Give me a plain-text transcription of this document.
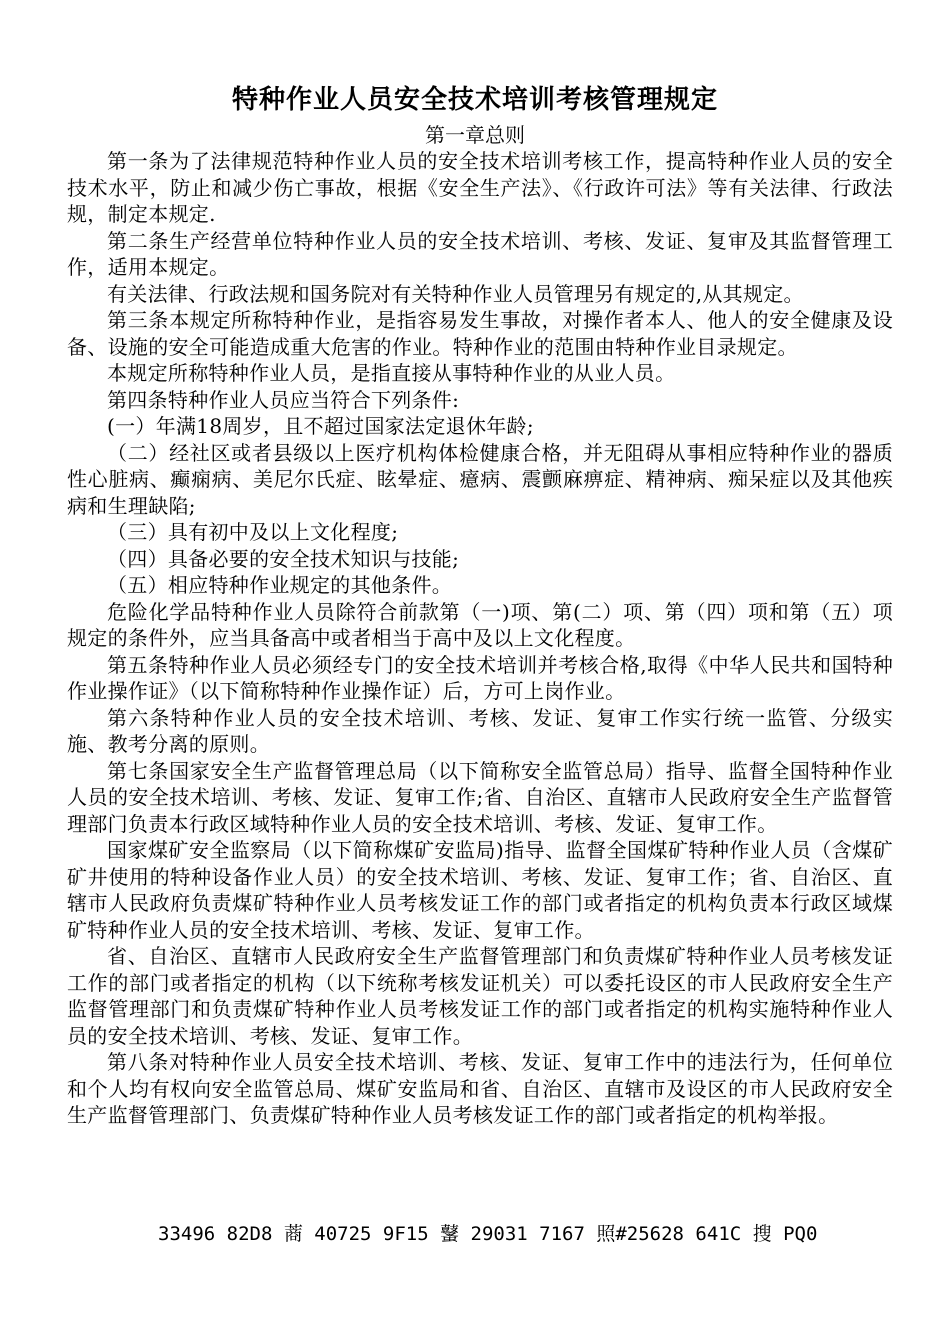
特种作业人员安全技术培训考核管理规定
第一章总则

第一条为了法律规范特种作业人员的安全技术培训考核工作，提高特种作业人员的安全技术水平，防止和减少伤亡事故，根据《安全生产法》、《行政许可法》等有关法律、行政法规，制定本规定.

第二条生产经营单位特种作业人员的安全技术培训、考核、发证、复审及其监督管理工作，适用本规定。

有关法律、行政法规和国务院对有关特种作业人员管理另有规定的,从其规定。

第三条本规定所称特种作业，是指容易发生事故，对操作者本人、他人的安全健康及设备、设施的安全可能造成重大危害的作业。特种作业的范围由特种作业目录规定。

本规定所称特种作业人员，是指直接从事特种作业的从业人员。

第四条特种作业人员应当符合下列条件:

(一）年满18周岁，且不超过国家法定退休年龄;

（二）经社区或者县级以上医疗机构体检健康合格，并无阻碍从事相应特种作业的器质性心脏病、癫痫病、美尼尔氏症、眩晕症、癔病、震颤麻痹症、精神病、痴呆症以及其他疾病和生理缺陷;

（三）具有初中及以上文化程度;

（四）具备必要的安全技术知识与技能;

（五）相应特种作业规定的其他条件。

危险化学品特种作业人员除符合前款第（一)项、第(二）项、第（四）项和第（五）项规定的条件外，应当具备高中或者相当于高中及以上文化程度。

第五条特种作业人员必须经专门的安全技术培训并考核合格,取得《中华人民共和国特种作业操作证》（以下简称特种作业操作证）后，方可上岗作业。

第六条特种作业人员的安全技术培训、考核、发证、复审工作实行统一监管、分级实施、教考分离的原则。

第七条国家安全生产监督管理总局（以下简称安全监管总局）指导、监督全国特种作业人员的安全技术培训、考核、发证、复审工作;省、自治区、直辖市人民政府安全生产监督管理部门负责本行政区域特种作业人员的安全技术培训、考核、发证、复审工作。

国家煤矿安全监察局（以下简称煤矿安监局)指导、监督全国煤矿特种作业人员（含煤矿矿井使用的特种设备作业人员）的安全技术培训、考核、发证、复审工作；省、自治区、直辖市人民政府负责煤矿特种作业人员考核发证工作的部门或者指定的机构负责本行政区域煤矿特种作业人员的安全技术培训、考核、发证、复审工作。

省、自治区、直辖市人民政府安全生产监督管理部门和负责煤矿特种作业人员考核发证工作的部门或者指定的机构（以下统称考核发证机关）可以委托设区的市人民政府安全生产监督管理部门和负责煤矿特种作业人员考核发证工作的部门或者指定的机构实施特种作业人员的安全技术培训、考核、发证、复审工作。

第八条对特种作业人员安全技术培训、考核、发证、复审工作中的违法行为，任何单位和个人均有权向安全监管总局、煤矿安监局和省、自治区、直辖市及设区的市人民政府安全生产监督管理部门、负责煤矿特种作业人员考核发证工作的部门或者指定的机构举报。

33496 82D8 蔏 40725 9F15 鼜 29031 7167 照#25628 641C 搜 PQ0
